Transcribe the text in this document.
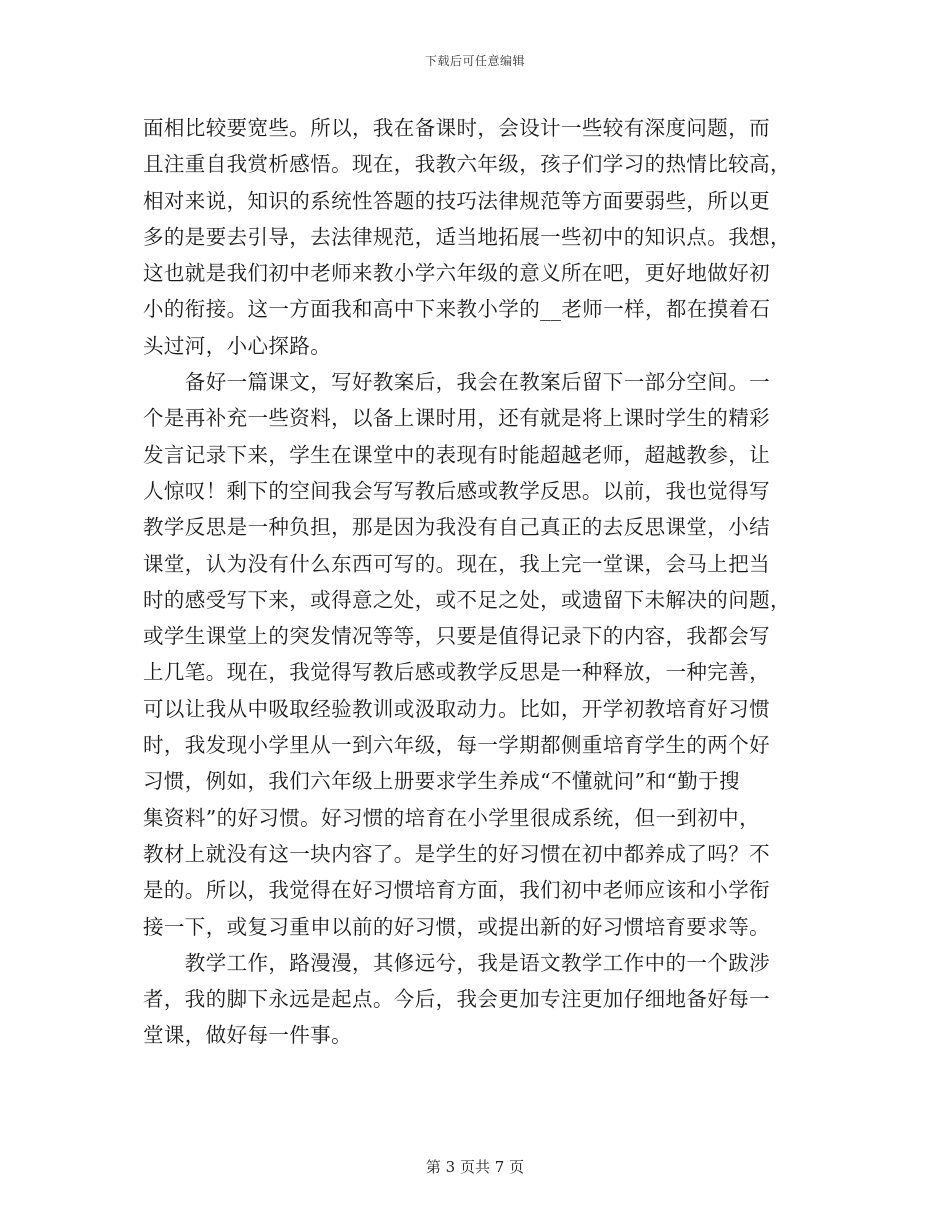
下载后可任意编辑
面相比较要宽些。所以，我在备课时，会设计一些较有深度问题，而
且注重自我赏析感悟。现在，我教六年级，孩子们学习的热情比较高，
相对来说，知识的系统性答题的技巧法律规范等方面要弱些，所以更
多的是要去引导，去法律规范，适当地拓展一些初中的知识点。我想，
这也就是我们初中老师来教小学六年级的意义所在吧，更好地做好初
小的衔接。这一方面我和高中下来教小学的__老师一样，都在摸着石
头过河，小心探路。
　　备好一篇课文，写好教案后，我会在教案后留下一部分空间。一
个是再补充一些资料，以备上课时用，还有就是将上课时学生的精彩
发言记录下来，学生在课堂中的表现有时能超越老师，超越教参，让
人惊叹！剩下的空间我会写写教后感或教学反思。以前，我也觉得写
教学反思是一种负担，那是因为我没有自己真正的去反思课堂，小结
课堂，认为没有什么东西可写的。现在，我上完一堂课，会马上把当
时的感受写下来，或得意之处，或不足之处，或遗留下未解决的问题，
或学生课堂上的突发情况等等，只要是值得记录下的内容，我都会写
上几笔。现在，我觉得写教后感或教学反思是一种释放，一种完善，
可以让我从中吸取经验教训或汲取动力。比如，开学初教培育好习惯
时，我发现小学里从一到六年级，每一学期都侧重培育学生的两个好
习惯，例如，我们六年级上册要求学生养成“不懂就问”和“勤于搜
集资料”的好习惯。好习惯的培育在小学里很成系统，但一到初中，
教材上就没有这一块内容了。是学生的好习惯在初中都养成了吗？不
是的。所以，我觉得在好习惯培育方面，我们初中老师应该和小学衔
接一下，或复习重申以前的好习惯，或提出新的好习惯培育要求等。
　　教学工作，路漫漫，其修远兮，我是语文教学工作中的一个跋涉
者，我的脚下永远是起点。今后，我会更加专注更加仔细地备好每一
堂课，做好每一件事。
第 3 页共 7 页
